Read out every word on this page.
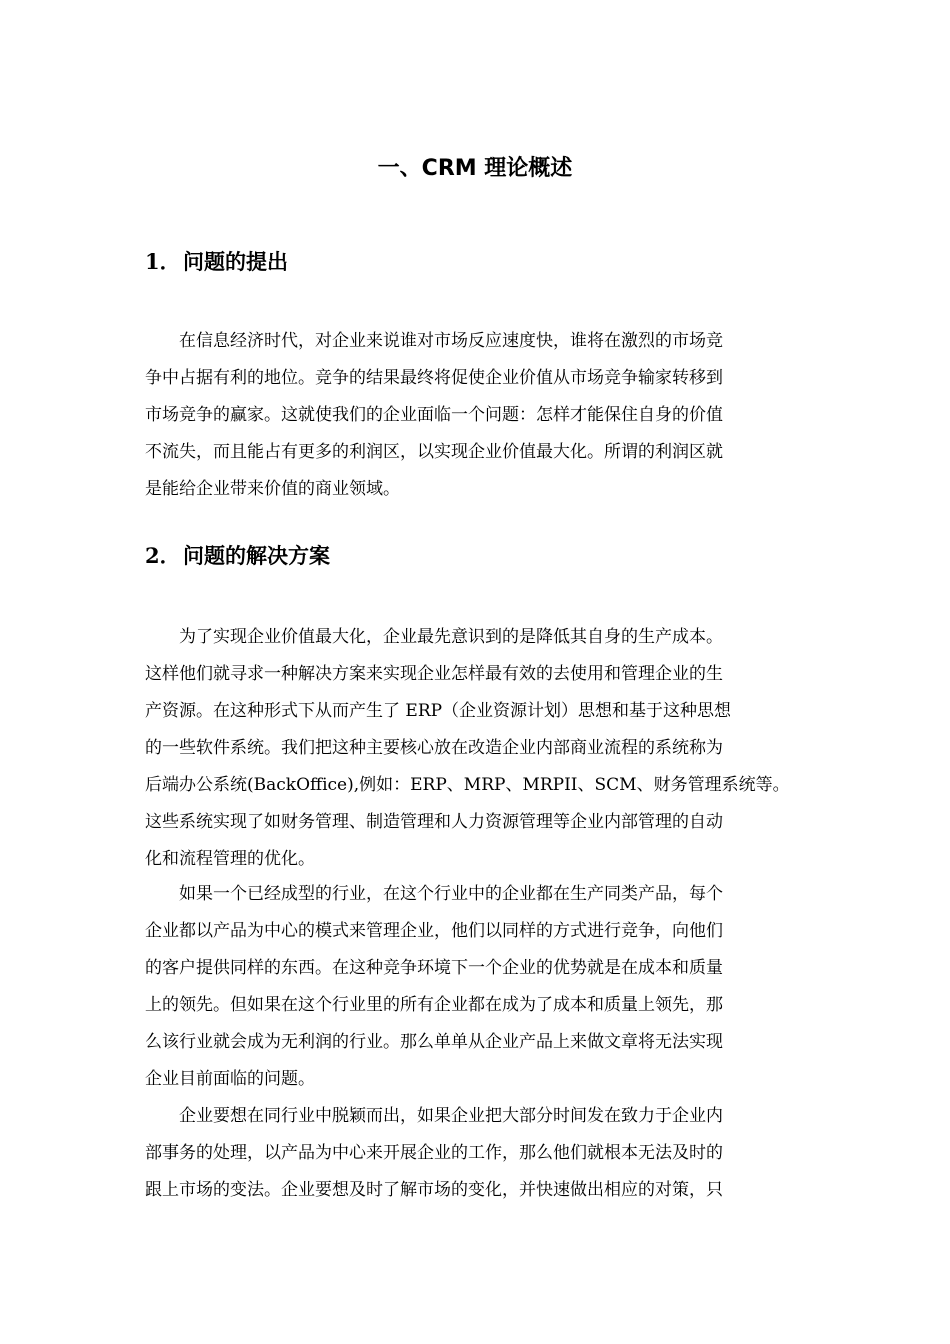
一、CRM 理论概述
1． 问题的提出
在信息经济时代，对企业来说谁对市场反应速度快，谁将在激烈的市场竞
争中占据有利的地位。竞争的结果最终将促使企业价值从市场竞争输家转移到
市场竞争的赢家。这就使我们的企业面临一个问题：怎样才能保住自身的价值
不流失，而且能占有更多的利润区，以实现企业价值最大化。所谓的利润区就
是能给企业带来价值的商业领域。
2． 问题的解决方案
为了实现企业价值最大化，企业最先意识到的是降低其自身的生产成本。
这样他们就寻求一种解决方案来实现企业怎样最有效的去使用和管理企业的生
产资源。在这种形式下从而产生了 ERP（企业资源计划）思想和基于这种思想
的一些软件系统。我们把这种主要核心放在改造企业内部商业流程的系统称为
后端办公系统(BackOffice),例如：ERP、MRP、MRPII、SCM、财务管理系统等。
这些系统实现了如财务管理、制造管理和人力资源管理等企业内部管理的自动
化和流程管理的优化。
如果一个已经成型的行业，在这个行业中的企业都在生产同类产品，每个
企业都以产品为中心的模式来管理企业，他们以同样的方式进行竞争，向他们
的客户提供同样的东西。在这种竞争环境下一个企业的优势就是在成本和质量
上的领先。但如果在这个行业里的所有企业都在成为了成本和质量上领先，那
么该行业就会成为无利润的行业。那么单单从企业产品上来做文章将无法实现
企业目前面临的问题。
企业要想在同行业中脱颖而出，如果企业把大部分时间发在致力于企业内
部事务的处理，以产品为中心来开展企业的工作，那么他们就根本无法及时的
跟上市场的变法。企业要想及时了解市场的变化，并快速做出相应的对策，只
